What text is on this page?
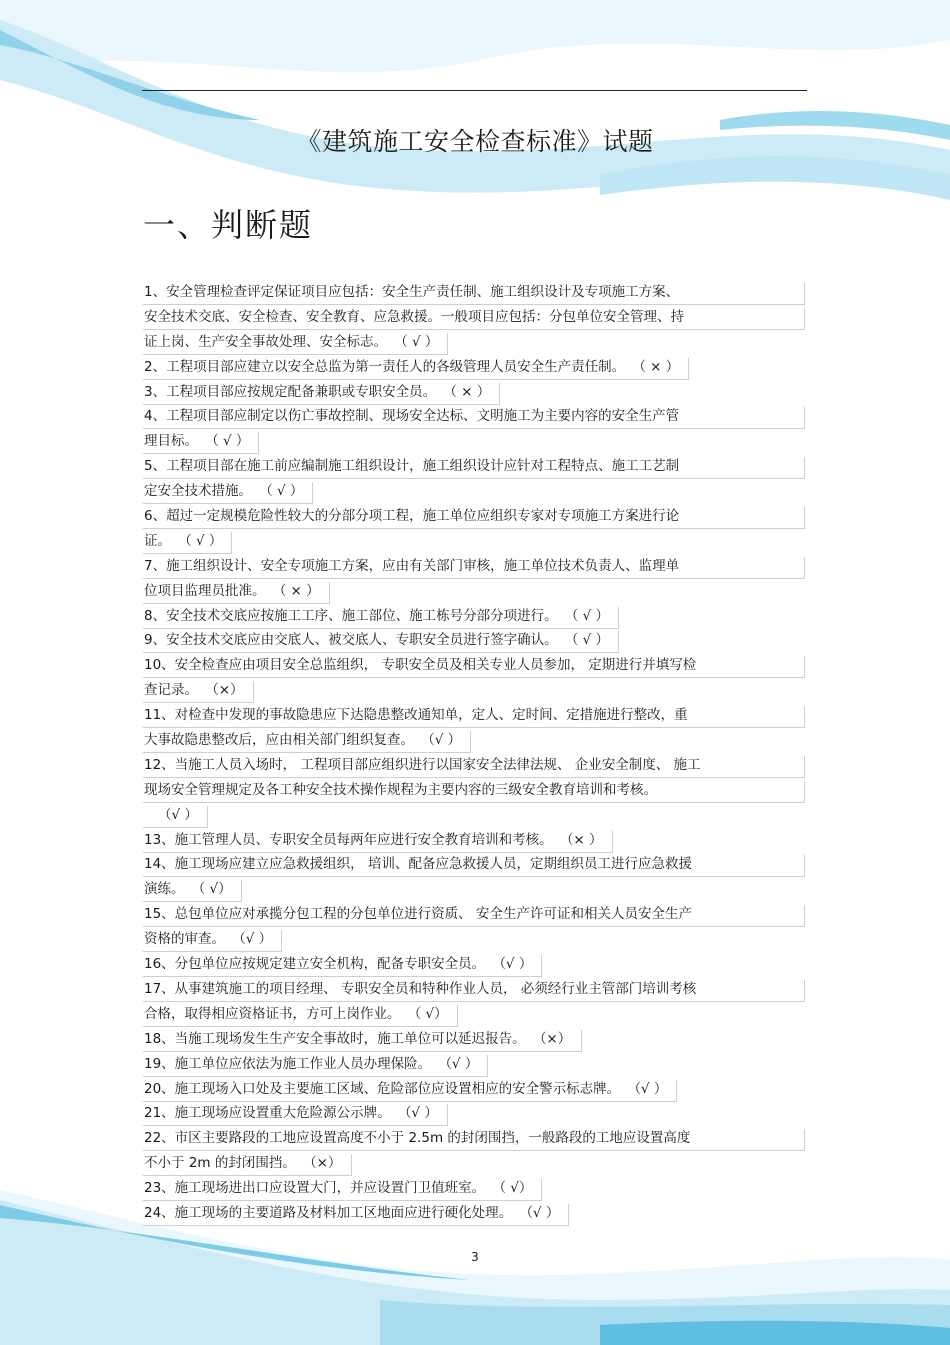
《建筑施工安全检查标准》试题
一、判断题
1、安全管理检查评定保证项目应包括：安全生产责任制、施工组织设计及专项施工方案、
安全技术交底、安全检查、安全教育、应急救援。一般项目应包括：分包单位安全管理、持
证上岗、生产安全事故处理、安全标志。 （ √ ）
2、工程项目部应建立以安全总监为第一责任人的各级管理人员安全生产责任制。 （ × ）
3、工程项目部应按规定配备兼职或专职安全员。 （ × ）
4、工程项目部应制定以伤亡事故控制、现场安全达标、文明施工为主要内容的安全生产管
理目标。 （ √ ）
5、工程项目部在施工前应编制施工组织设计，施工组织设计应针对工程特点、施工工艺制
定安全技术措施。 （ √ ）
6、超过一定规模危险性较大的分部分项工程，施工单位应组织专家对专项施工方案进行论
证。 （ √ ）
7、施工组织设计、安全专项施工方案，应由有关部门审核，施工单位技术负责人、监理单
位项目监理员批准。 （ × ）
8、安全技术交底应按施工工序、施工部位、施工栋号分部分项进行。 （ √ ）
9、安全技术交底应由交底人、被交底人、专职安全员进行签字确认。 （ √ ）
10、安全检查应由项目安全总监组织， 专职安全员及相关专业人员参加， 定期进行并填写检
查记录。 （×）
11、对检查中发现的事故隐患应下达隐患整改通知单，定人、定时间、定措施进行整改，重
大事故隐患整改后，应由相关部门组织复查。 （√ ）
12、当施工人员入场时， 工程项目部应组织进行以国家安全法律法规、 企业安全制度、 施工
现场安全管理规定及各工种安全技术操作规程为主要内容的三级安全教育培训和考核。
（√ ）
13、施工管理人员、专职安全员每两年应进行安全教育培训和考核。 （× ）
14、施工现场应建立应急救援组织， 培训、配备应急救援人员，定期组织员工进行应急救援
演练。 （ √）
15、总包单位应对承揽分包工程的分包单位进行资质、 安全生产许可证和相关人员安全生产
资格的审查。 （√ ）
16、分包单位应按规定建立安全机构，配备专职安全员。 （√ ）
17、从事建筑施工的项目经理、 专职安全员和特种作业人员， 必须经行业主管部门培训考核
合格，取得相应资格证书，方可上岗作业。 （ √）
18、当施工现场发生生产安全事故时，施工单位可以延迟报告。 （×）
19、施工单位应依法为施工作业人员办理保险。 （√ ）
20、施工现场入口处及主要施工区域、危险部位应设置相应的安全警示标志牌。 （√ ）
21、施工现场应设置重大危险源公示牌。 （√ ）
22、市区主要路段的工地应设置高度不小于 2.5m 的封闭围挡，一般路段的工地应设置高度
不小于 2m 的封闭围挡。 （×）
23、施工现场进出口应设置大门，并应设置门卫值班室。 （ √）
24、施工现场的主要道路及材料加工区地面应进行硬化处理。 （√ ）
3
